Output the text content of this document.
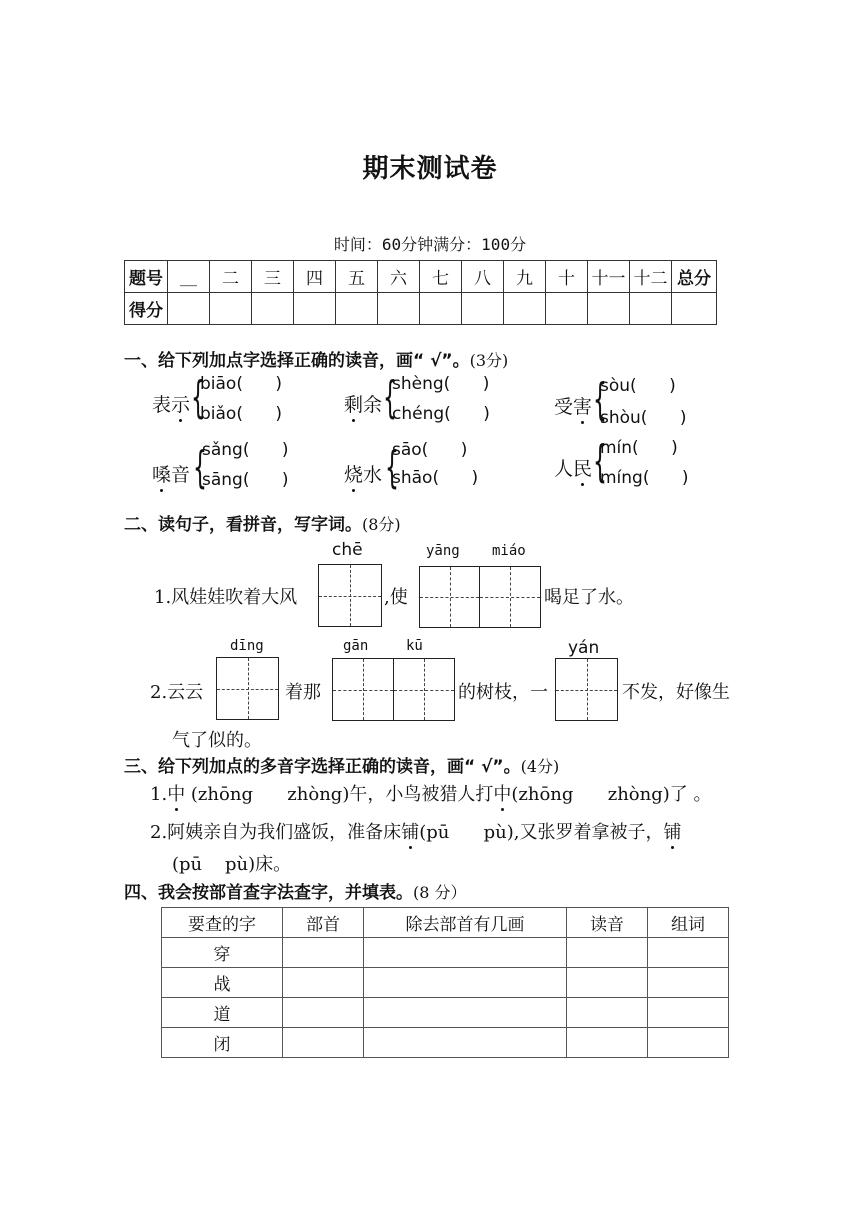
期末测试卷
时间：60分钟满分：100分
题号	__	二	三	四	五	六	七	八	九	十	十一	十二	总分
得分													
一、给下列加点字选择正确的读音，画“ √”。(3分)
表示 {
biāo(      )
biǎo(      )	剩余 {
shèng(      )
chéng(      )	受害 {
sòu(      )
shòu(      )
嗓音 {
sǎng(      )
sāng(      )	烧水 {
sāo(      )
shāo(      )	人民 {
mín(      )
míng(      )
二、读句子，看拼音，写字词。(8分)
chē	yāng miáo
1.风娃娃吹着大风	,使	喝足了水。
dīng	gān	kū	yán
2.云云	着那	的树枝，一	不发，好像生
气了似的。
三、给下列加点的多音字选择正确的读音，画“ √”。(4分)
1.中 (zhōng      zhòng)午，小鸟被猎人打中(zhōng      zhòng)了 。
2.阿姨亲自为我们盛饭，准备床铺(pū      pù),又张罗着拿被子，铺
(pū    pù)床。
四、我会按部首查字法查字，并填表。(8 分）
要查的字	部首	除去部首有几画	读音	组词
穿				
战				
道				
闭				
